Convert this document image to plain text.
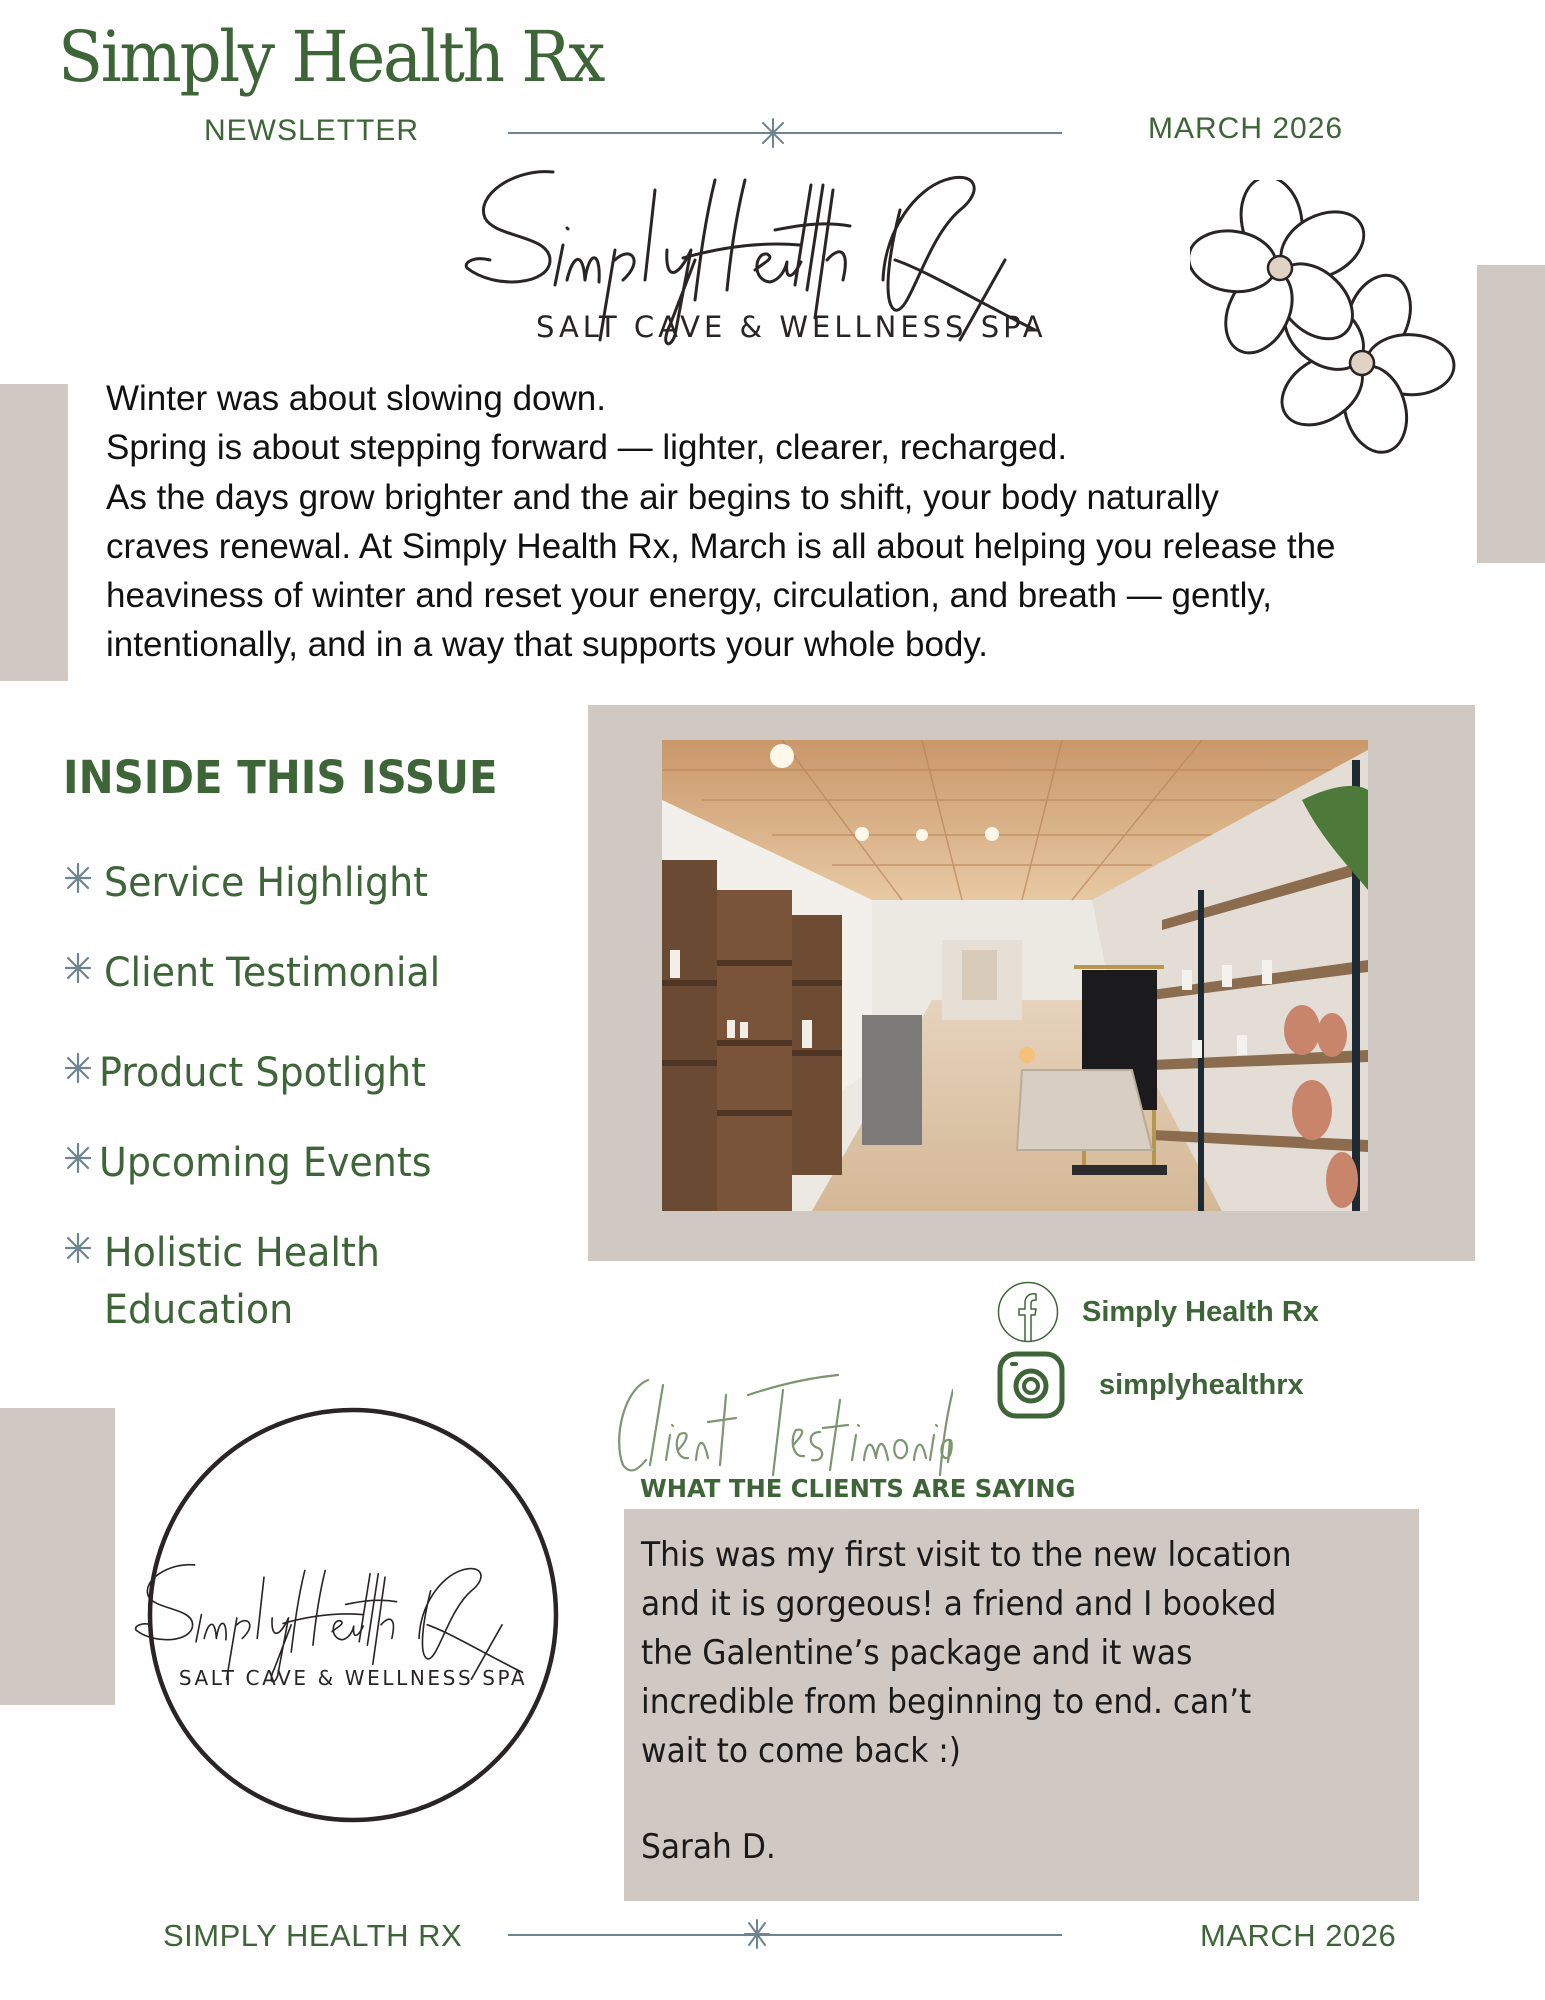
Simply Health Rx
NEWSLETTER	MARCH 2026
SALT CAVE & WELLNESS SPA

Winter was about slowing down.

Spring is about stepping forward — lighter, clearer, recharged.

As the days grow brighter and the air begins to shift, your body naturally

craves renewal. At Simply Health Rx, March is all about helping you release the

heaviness of winter and reset your energy, circulation, and breath — gently,

intentionally, and in a way that supports your whole body.

INSIDE THIS ISSUE
Service Highlight
Client Testimonial
Product Spotlight
Upcoming Events
Holistic Health
Education	Simply Health Rx
simplyhealthrx
WHAT THE CLIENTS ARE SAYING

This was my first visit to the new location

and it is gorgeous! a friend and I booked

the Galentine’s package and it was

incredible from beginning to end. can’t

wait to come back :)

Sarah D.
SALT CAVE & WELLNESS SPA
SIMPLY HEALTH RX	MARCH 2026
